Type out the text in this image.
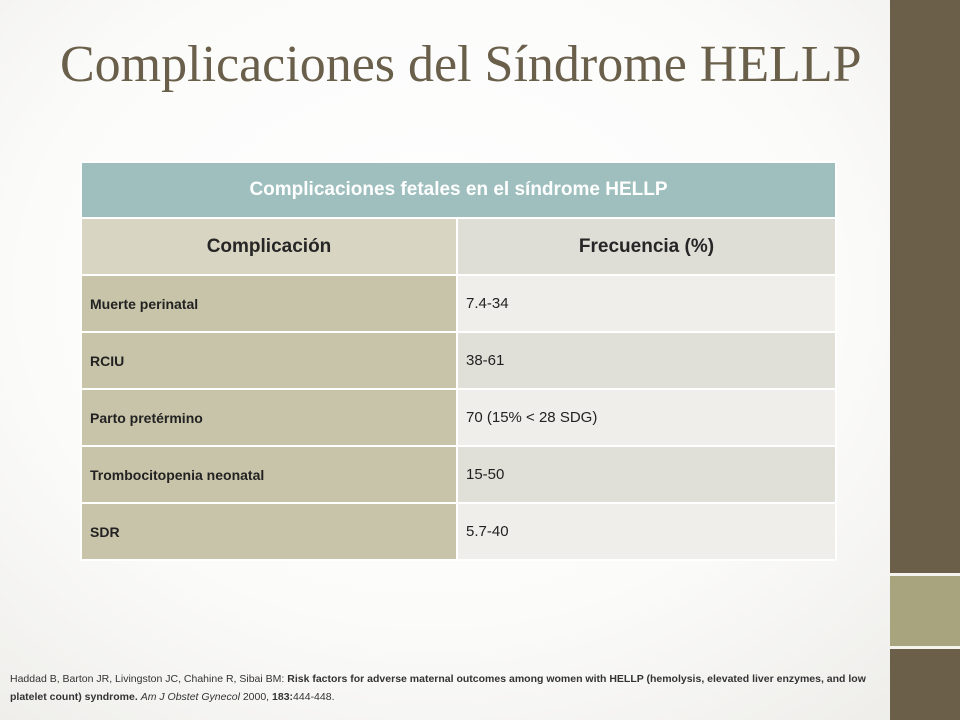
Complicaciones del Síndrome HELLP
Complicaciones fetales en el síndrome HELLP	
Complicación	Frecuencia (%)
Muerte perinatal	7.4-34
RCIU	38-61
Parto pretérmino	70 (15% < 28 SDG)
Trombocitopenia neonatal	15-50
SDR	5.7-40
Haddad B, Barton JR, Livingston JC, Chahine R, Sibai BM: Risk factors for adverse maternal outcomes among women with HELLP (hemolysis, elevated liver enzymes, and low platelet count) syndrome. Am J Obstet Gynecol 2000, 183:444-448.
